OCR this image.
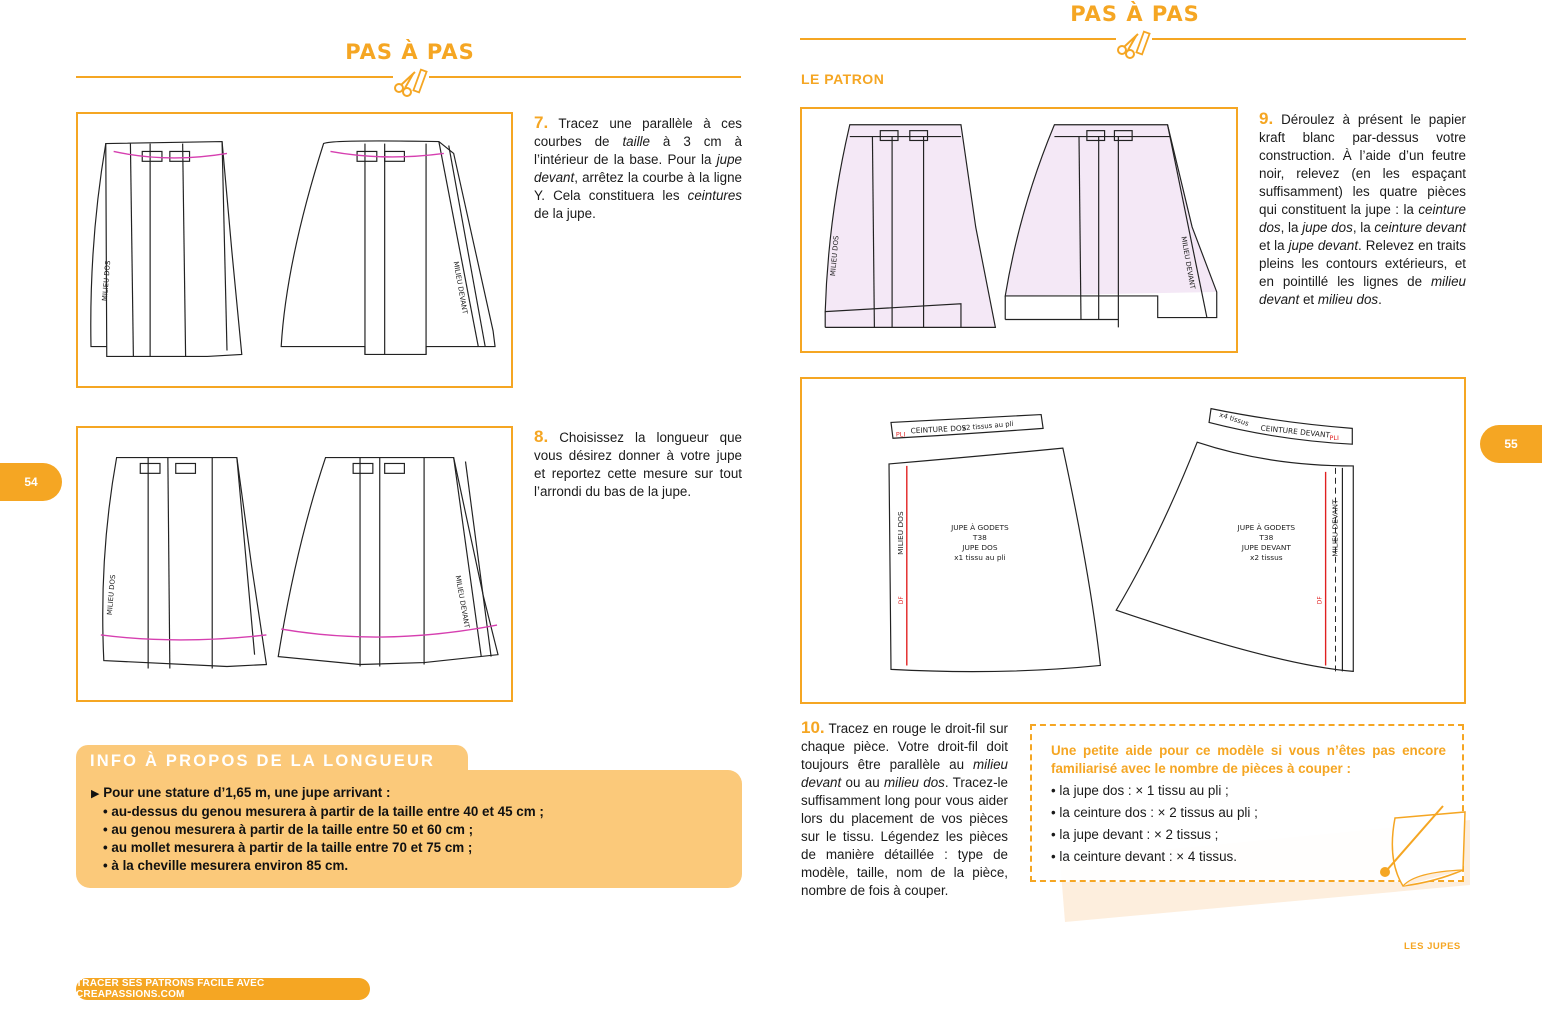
PAS À PAS
MILIEU DOS	MILIEU DEVANT
7. Tracez une parallèle à ces courbes de taille à 3 cm à l’intérieur de la base. Pour la jupe devant, arrêtez la courbe à la ligne Y. Cela constituera les ceintures de la jupe.
MILIEU DOS	MILIEU DEVANT
8. Choisissez la longueur que vous désirez donner à votre jupe et reportez cette mesure sur tout l’arrondi du bas de la jupe.
INFO À PROPOS DE LA LONGUEUR
▶ Pour une stature d’1,65 m, une jupe arrivant :
• au-dessus du genou mesurera à partir de la taille entre 40 et 45 cm ;
• au genou mesurera à partir de la taille entre 50 et 60 cm ;
• au mollet mesurera à partir de la taille entre 70 et 75 cm ;
• à la cheville mesurera environ 85 cm.
54
TRACER SES PATRONS FACILE AVEC CREAPASSIONS.COM
PAS À PAS
LE PATRON
MILIEU DOS	MILIEU DEVANT
9. Déroulez à présent le papier kraft blanc par-dessus votre construction. À l’aide d’un feutre noir, relevez (en les espaçant suffisamment) les quatre pièces qui constituent la jupe : la ceinture dos, la jupe dos, la ceinture devant et la jupe devant. Relevez en traits pleins les contours extérieurs, et en pointillé les lignes de milieu devant et milieu dos.
PLI	PLI
CEINTURE DOS
x2 tissus au pli	x4 tissus
CEINTURE DEVANT
MILIEU DOS	MILIEU DEVANT
DF	DF
JUPE À GODETS
T38
JUPE DOS
x1 tissu au pli
JUPE À GODETS
T38
JUPE DEVANT
x2 tissus
10. Tracez en rouge le droit-fil sur chaque pièce. Votre droit-fil doit toujours être parallèle au milieu devant ou au milieu dos. Tracez-le suffisamment long pour vous aider lors du placement de vos pièces sur le tissu. Légendez les pièces de manière détaillée : type de modèle, taille, nom de la pièce, nombre de fois à couper.
Une petite aide pour ce modèle si vous n’êtes pas encore familiarisé avec le nombre de pièces à couper :
• la jupe dos : × 1 tissu au pli ;
• la ceinture dos : × 2 tissus au pli ;
• la jupe devant : × 2 tissus ;
• la ceinture devant : × 4 tissus.
55
LES JUPES
